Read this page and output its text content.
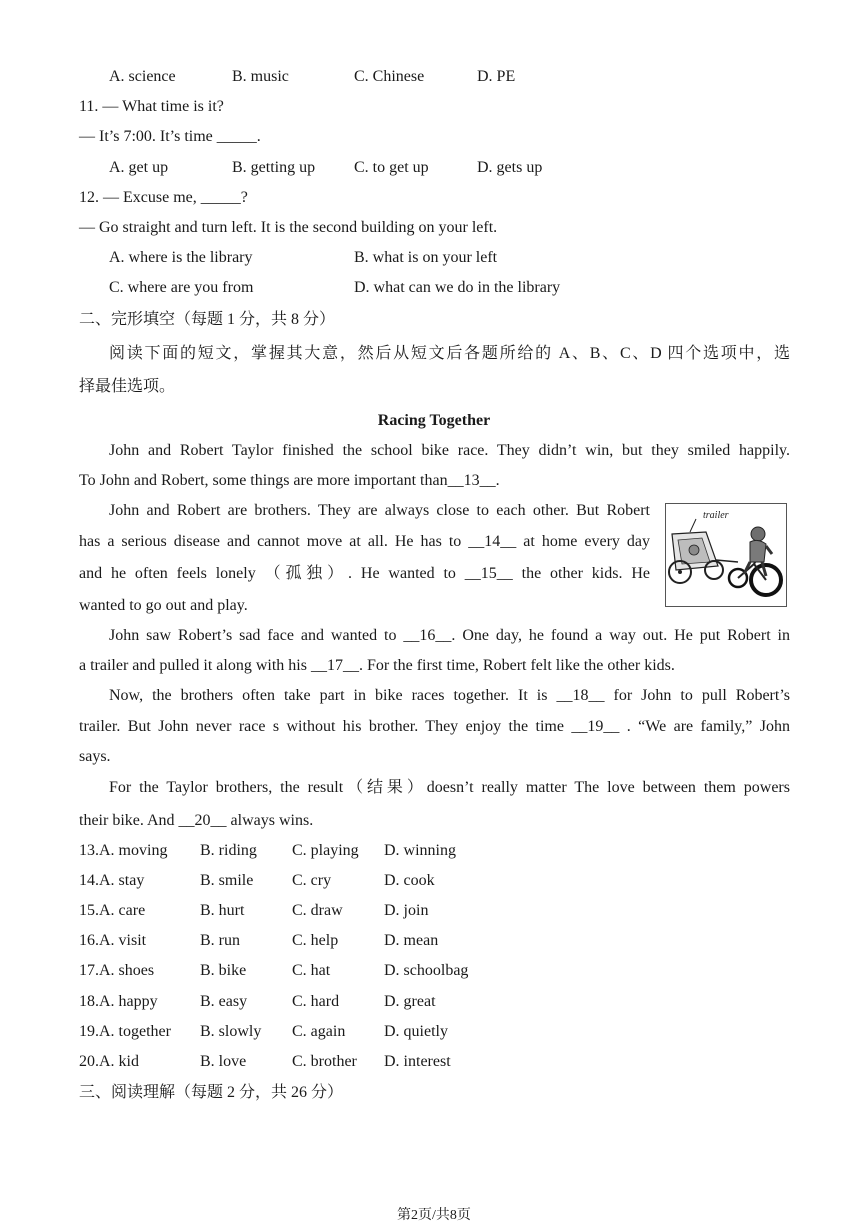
A. science	B. music	C. Chinese	D. PE
11. — What time is it?
— It’s 7:00. It’s time _____.
A. get up	B. getting up C. to get up	D. gets up
12. — Excuse me, _____?
— Go straight and turn left. It is the second building on your left.
A. where is the library	B. what is on your left
C. where are you from	D. what can we do in the library
二、完形填空（每题 1 分，共 8 分）
阅读下面的短文，掌握其大意，然后从短文后各题所给的 A、B、C、D 四个选项中，选
择最佳选项。
Racing Together
John and Robert Taylor finished the school bike race. They didn’t win, but they smiled happily.
To John and Robert, some things are more important than__13__.
John and Robert are brothers. They are always close to each other. But Robert
has a serious disease and cannot move at all. He has to __14__ at home every day
and he often feels lonely （孤独）. He wanted to __15__ the other kids. He
wanted to go out and play.
trailer
John saw Robert’s sad face and wanted to __16__. One day, he found a way out. He put Robert in
a trailer and pulled it along with his __17__. For the first time, Robert felt like the other kids.
Now, the brothers often take part in bike races together. It is __18__ for John to pull Robert’s
trailer. But John never race s without his brother. They enjoy the time __19__ . “We are family,” John
says.
For the Taylor brothers, the result（结果）doesn’t really matter The love between them powers
their bike. And __20__ always wins.
13.A. moving B. riding C. playing D. winning
14.A. stay	B. smile C. cry	D. cook
15.A. care	B. hurt	C. draw	D. join
16.A. visit	B. run	C. help	D. mean
17.A. shoes	B. bike	C. hat	D. schoolbag
18.A. happy	B. easy	C. hard	D. great
19.A. together B. slowly C. again D. quietly
20.A. kid	B. love	C. brother D. interest
三、阅读理解（每题 2 分，共 26 分）
第2页/共8页
